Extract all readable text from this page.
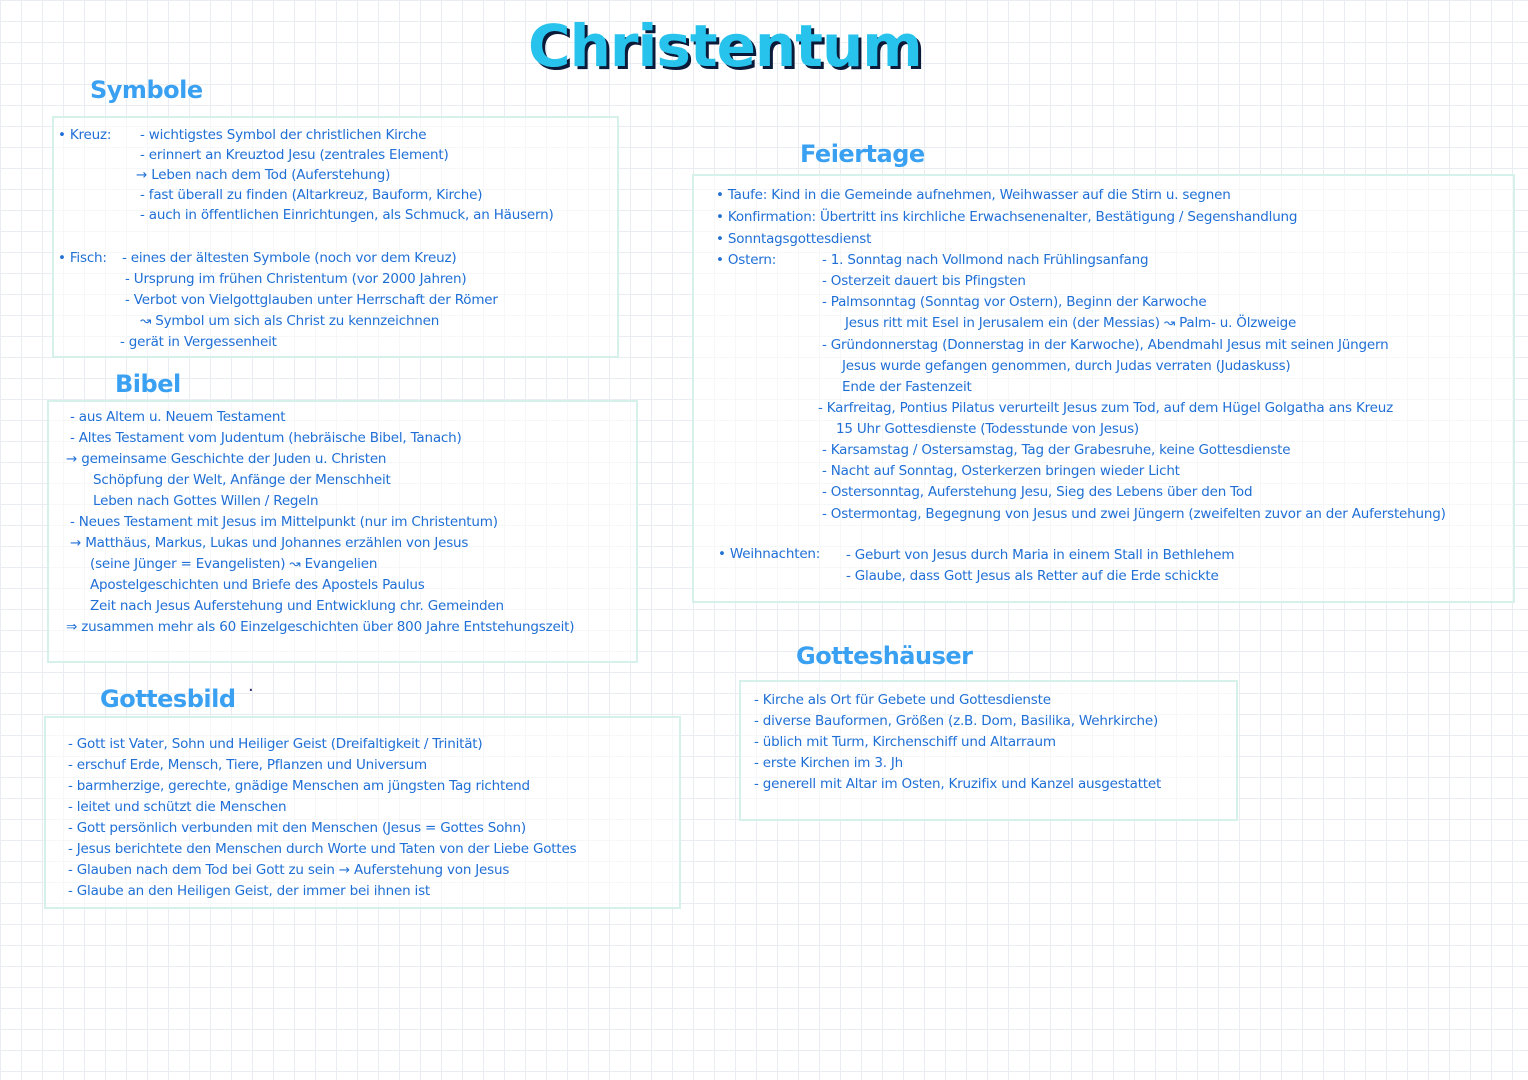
Christentum
Symbole
• Kreuz: - wichtigstes Symbol der christlichen Kirche
- erinnert an Kreuztod Jesu (zentrales Element)
→ Leben nach dem Tod (Auferstehung)
- fast überall zu finden (Altarkreuz, Bauform, Kirche)
- auch in öffentlichen Einrichtungen, als Schmuck, an Häusern)
• Fisch: - eines der ältesten Symbole (noch vor dem Kreuz)
- Ursprung im frühen Christentum (vor 2000 Jahren)
- Verbot von Vielgottglauben unter Herrschaft der Römer
↝ Symbol um sich als Christ zu kennzeichnen
- gerät in Vergessenheit
Bibel
- aus Altem u. Neuem Testament
- Altes Testament vom Judentum (hebräische Bibel, Tanach)
→ gemeinsame Geschichte der Juden u. Christen
Schöpfung der Welt, Anfänge der Menschheit
Leben nach Gottes Willen / Regeln
- Neues Testament mit Jesus im Mittelpunkt (nur im Christentum)
→ Matthäus, Markus, Lukas und Johannes erzählen von Jesus
(seine Jünger = Evangelisten) ↝ Evangelien
Apostelgeschichten und Briefe des Apostels Paulus
Zeit nach Jesus Auferstehung und Entwicklung chr. Gemeinden
⇒ zusammen mehr als 60 Einzelgeschichten über 800 Jahre Entstehungszeit)
Gottesbild ·
- Gott ist Vater, Sohn und Heiliger Geist (Dreifaltigkeit / Trinität)
- erschuf Erde, Mensch, Tiere, Pflanzen und Universum
- barmherzige, gerechte, gnädige Menschen am jüngsten Tag richtend
- leitet und schützt die Menschen
- Gott persönlich verbunden mit den Menschen (Jesus = Gottes Sohn)
- Jesus berichtete den Menschen durch Worte und Taten von der Liebe Gottes
- Glauben nach dem Tod bei Gott zu sein → Auferstehung von Jesus
- Glaube an den Heiligen Geist, der immer bei ihnen ist
Feiertage
• Taufe: Kind in die Gemeinde aufnehmen, Weihwasser auf die Stirn u. segnen
• Konfirmation: Übertritt ins kirchliche Erwachsenenalter, Bestätigung / Segenshandlung
• Sonntagsgottesdienst
• Ostern:	- 1. Sonntag nach Vollmond nach Frühlingsanfang
- Osterzeit dauert bis Pfingsten
- Palmsonntag (Sonntag vor Ostern), Beginn der Karwoche
Jesus ritt mit Esel in Jerusalem ein (der Messias) ↝ Palm- u. Ölzweige
- Gründonnerstag (Donnerstag in der Karwoche), Abendmahl Jesus mit seinen Jüngern
Jesus wurde gefangen genommen, durch Judas verraten (Judaskuss)
Ende der Fastenzeit
- Karfreitag, Pontius Pilatus verurteilt Jesus zum Tod, auf dem Hügel Golgatha ans Kreuz
15 Uhr Gottesdienste (Todesstunde von Jesus)
- Karsamstag / Ostersamstag, Tag der Grabesruhe, keine Gottesdienste
- Nacht auf Sonntag, Osterkerzen bringen wieder Licht
- Ostersonntag, Auferstehung Jesu, Sieg des Lebens über den Tod
- Ostermontag, Begegnung von Jesus und zwei Jüngern (zweifelten zuvor an der Auferstehung)
• Weihnachten: - Geburt von Jesus durch Maria in einem Stall in Bethlehem
- Glaube, dass Gott Jesus als Retter auf die Erde schickte
Gotteshäuser
- Kirche als Ort für Gebete und Gottesdienste
- diverse Bauformen, Größen (z.B. Dom, Basilika, Wehrkirche)
- üblich mit Turm, Kirchenschiff und Altarraum
- erste Kirchen im 3. Jh
- generell mit Altar im Osten, Kruzifix und Kanzel ausgestattet
